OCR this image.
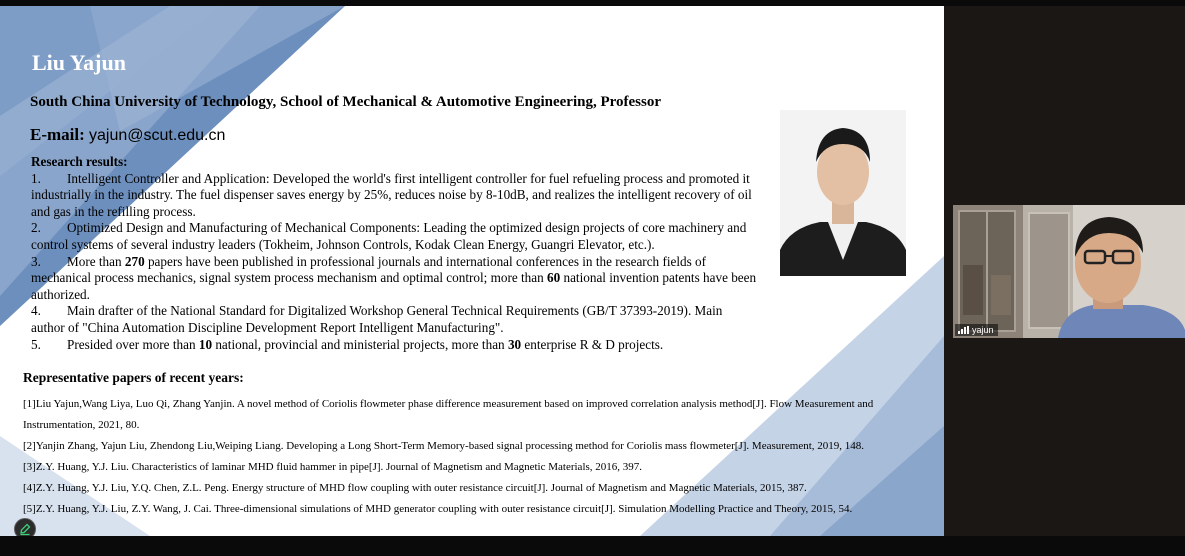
Liu Yajun

South China University of Technology, School of Mechanical & Automotive Engineering, Professor

E-mail: yajun@scut.edu.cn

Research results:
1. Intelligent Controller and Application: Developed the world's first intelligent controller for fuel refueling process and promoted it industrially in the industry. The fuel dispenser saves energy by 25%, reduces noise by 8-10dB, and realizes the intelligent recovery of oil and gas in the refilling process.
2. Optimized Design and Manufacturing of Mechanical Components: Leading the optimized design projects of core machinery and control systems of several industry leaders (Tokheim, Johnson Controls, Kodak Clean Energy, Guangri Elevator, etc.).
3. More than 270 papers have been published in professional journals and international conferences in the research fields of mechanical process mechanics, signal system process mechanism and optimal control; more than 60 national invention patents have been authorized.
4. Main drafter of the National Standard for Digitalized Workshop General Technical Requirements (GB/T 37393-2019). Main author of "China Automation Discipline Development Report Intelligent Manufacturing".
5. Presided over more than 10 national, provincial and ministerial projects, more than 30 enterprise R & D projects.
Representative papers of recent years:
[1]Liu Yajun,Wang Liya, Luo Qi, Zhang Yanjin. A novel method of Coriolis flowmeter phase difference measurement based on improved correlation analysis method[J]. Flow Measurement and Instrumentation, 2021, 80.
[2]Yanjin Zhang, Yajun Liu, Zhendong Liu,Weiping Liang. Developing a Long Short-Term Memory-based signal processing method for Coriolis mass flowmeter[J]. Measurement, 2019, 148.
[3]Z.Y. Huang, Y.J. Liu. Characteristics of laminar MHD fluid hammer in pipe[J]. Journal of Magnetism and Magnetic Materials, 2016, 397.
[4]Z.Y. Huang, Y.J. Liu, Y.Q. Chen, Z.L. Peng. Energy structure of MHD flow coupling with outer resistance circuit[J]. Journal of Magnetism and Magnetic Materials, 2015, 387.
[5]Z.Y. Huang, Y.J. Liu, Z.Y. Wang, J. Cai. Three-dimensional simulations of MHD generator coupling with outer resistance circuit[J]. Simulation Modelling Practice and Theory, 2015, 54.
yajun
